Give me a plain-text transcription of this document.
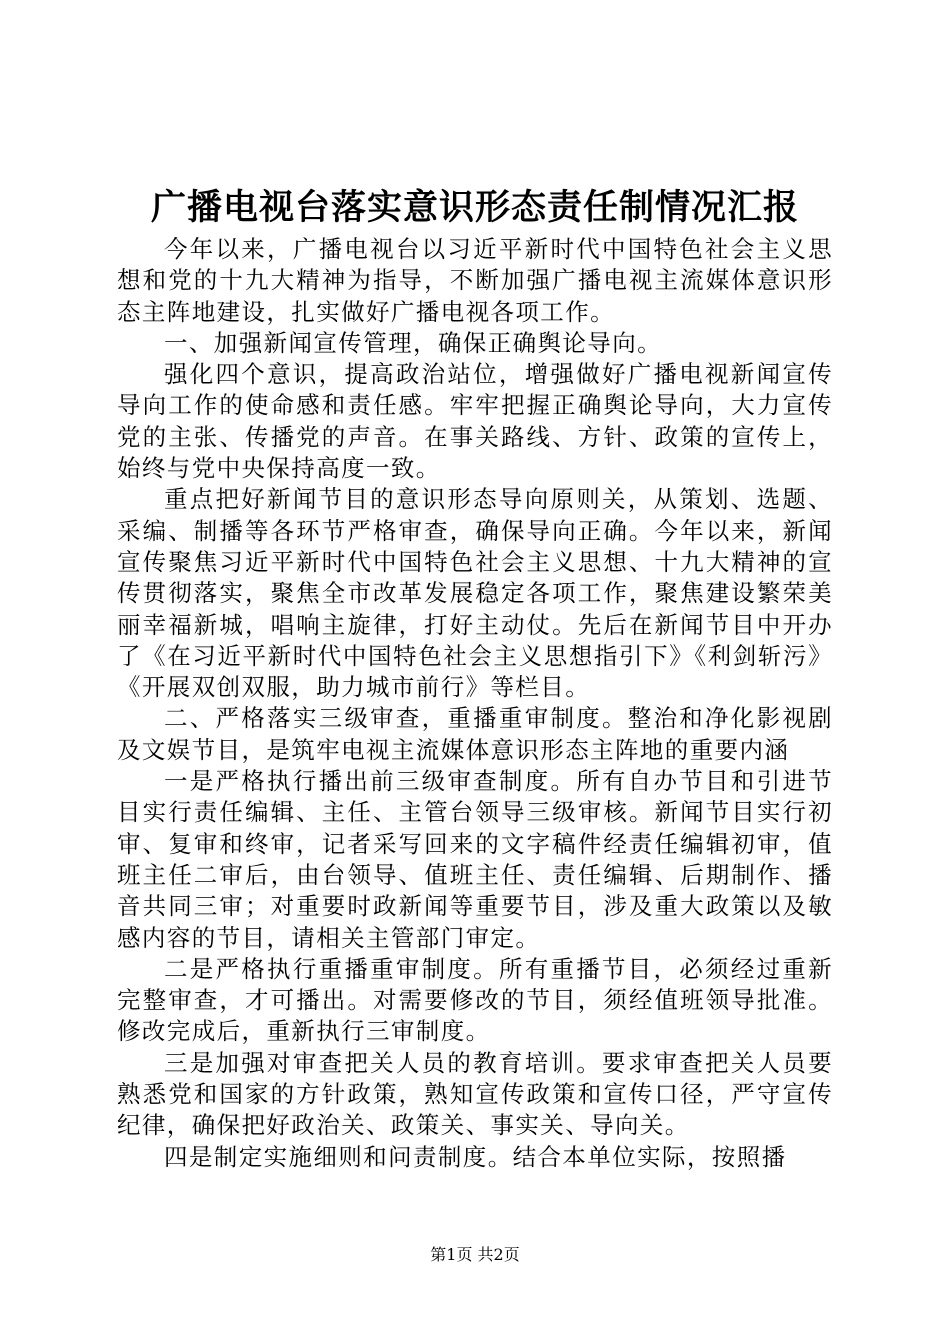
广播电视台落实意识形态责任制情况汇报

今年以来，广播电视台以习近平新时代中国特色社会主义思想和党的十九大精神为指导，不断加强广播电视主流媒体意识形态主阵地建设，扎实做好广播电视各项工作。

一、加强新闻宣传管理，确保正确舆论导向。

强化四个意识，提高政治站位，增强做好广播电视新闻宣传导向工作的使命感和责任感。牢牢把握正确舆论导向，大力宣传党的主张、传播党的声音。在事关路线、方针、政策的宣传上，始终与党中央保持高度一致。

重点把好新闻节目的意识形态导向原则关，从策划、选题、采编、制播等各环节严格审查，确保导向正确。今年以来，新闻宣传聚焦习近平新时代中国特色社会主义思想、十九大精神的宣传贯彻落实，聚焦全市改革发展稳定各项工作，聚焦建设繁荣美丽幸福新城，唱响主旋律，打好主动仗。先后在新闻节目中开办了《在习近平新时代中国特色社会主义思想指引下》《利剑斩污》《开展双创双服，助力城市前行》等栏目。

二、严格落实三级审查，重播重审制度。整治和净化影视剧及文娱节目，是筑牢电视主流媒体意识形态主阵地的重要内涵

一是严格执行播出前三级审查制度。所有自办节目和引进节目实行责任编辑、主任、主管台领导三级审核。新闻节目实行初审、复审和终审，记者采写回来的文字稿件经责任编辑初审，值班主任二审后，由台领导、值班主任、责任编辑、后期制作、播音共同三审；对重要时政新闻等重要节目，涉及重大政策以及敏感内容的节目，请相关主管部门审定。

二是严格执行重播重审制度。所有重播节目，必须经过重新完整审查，才可播出。对需要修改的节目，须经值班领导批准。修改完成后，重新执行三审制度。

三是加强对审查把关人员的教育培训。要求审查把关人员要熟悉党和国家的方针政策，熟知宣传政策和宣传口径，严守宣传纪律，确保把好政治关、政策关、事实关、导向关。

四是制定实施细则和问责制度。结合本单位实际，按照播

第1页 共2页
